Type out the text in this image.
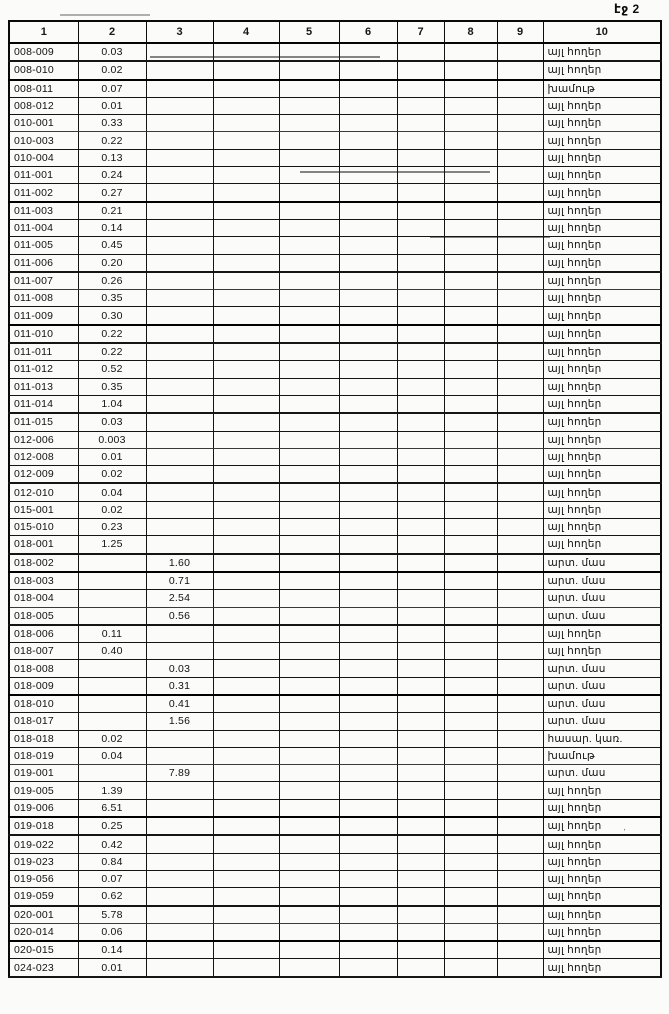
էջ 2
ˈ
1	2	3	4	5	6	7	8	9	10
008-009	0.03								այլ հողեր
008-010	0.02								այլ հողեր
008-011	0.07								խամութ
008-012	0.01								այլ հողեր
010-001	0.33								այլ հողեր
010-003	0.22								այլ հողեր
010-004	0.13								այլ հողեր
011-001	0.24								այլ հողեր
011-002	0.27								այլ հողեր
011-003	0.21								այլ հողեր
011-004	0.14								այլ հողեր
011-005	0.45								այլ հողեր
011-006	0.20								այլ հողեր
011-007	0.26								այլ հողեր
011-008	0.35								այլ հողեր
011-009	0.30								այլ հողեր
011-010	0.22								այլ հողեր
011-011	0.22								այլ հողեր
011-012	0.52								այլ հողեր
011-013	0.35								այլ հողեր
011-014	1.04								այլ հողեր
011-015	0.03								այլ հողեր
012-006	0.003								այլ հողեր
012-008	0.01								այլ հողեր
012-009	0.02								այլ հողեր
012-010	0.04								այլ հողեր
015-001	0.02								այլ հողեր
015-010	0.23								այլ հողեր
018-001	1.25								այլ հողեր
018-002		1.60							արտ. մաս
018-003		0.71							արտ. մաս
018-004		2.54							արտ. մաս
018-005		0.56							արտ. մաս
018-006	0.11								այլ հողեր
018-007	0.40								այլ հողեր
018-008		0.03							արտ. մաս
018-009		0.31							արտ. մաս
018-010		0.41							արտ. մաս
018-017		1.56							արտ. մաս
018-018	0.02								հասար. կառ.
018-019	0.04								խամութ
019-001		7.89							արտ. մաս
019-005	1.39								այլ հողեր
019-006	6.51								այլ հողեր
019-018	0.25								այլ հողեր
019-022	0.42								այլ հողեր
019-023	0.84								այլ հողեր
019-056	0.07								այլ հողեր
019-059	0.62								այլ հողեր
020-001	5.78								այլ հողեր
020-014	0.06								այլ հողեր
020-015	0.14								այլ հողեր
024-023	0.01								այլ հողեր
